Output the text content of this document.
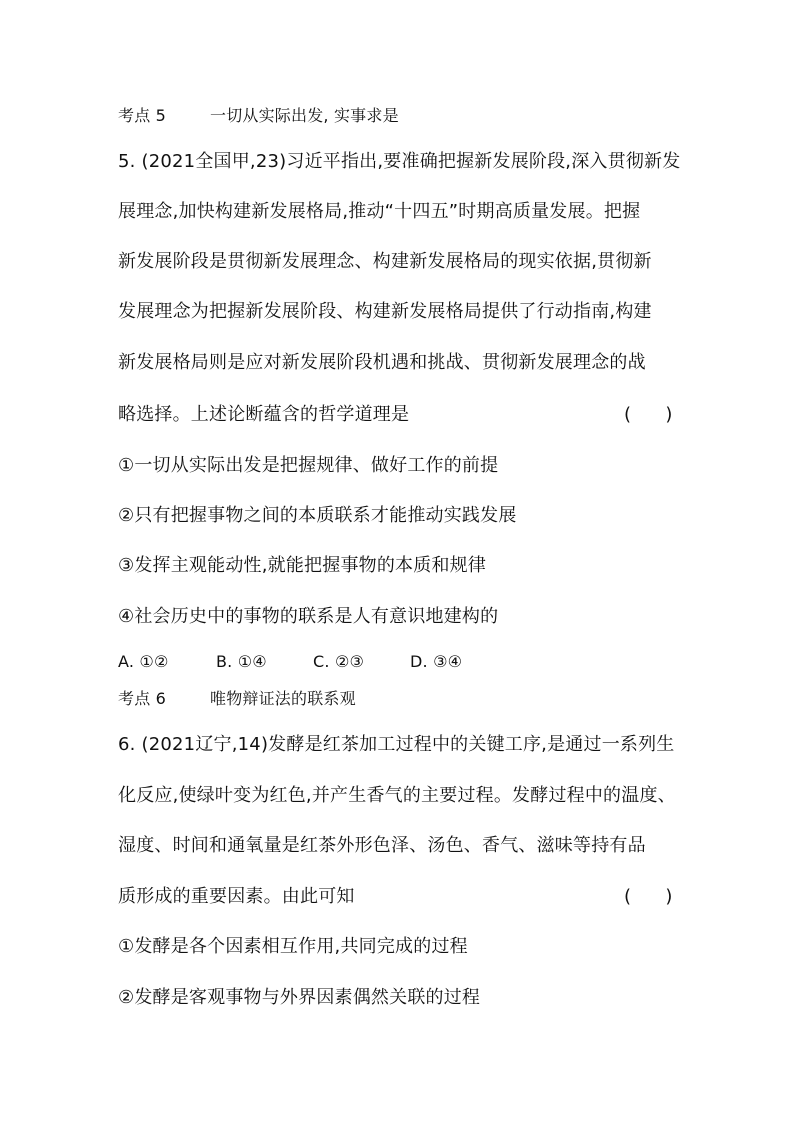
考点 5	一切从实际出发, 实事求是
5. (2021全国甲,23)习近平指出,要准确把握新发展阶段,深入贯彻新发
展理念,加快构建新发展格局,推动“十四五”时期高质量发展。把握
新发展阶段是贯彻新发展理念、构建新发展格局的现实依据,贯彻新
发展理念为把握新发展阶段、构建新发展格局提供了行动指南,构建
新发展格局则是应对新发展阶段机遇和挑战、贯彻新发展理念的战
略选择。上述论断蕴含的哲学道理是	(      )
①一切从实际出发是把握规律、做好工作的前提
②只有把握事物之间的本质联系才能推动实践发展
③发挥主观能动性,就能把握事物的本质和规律
④社会历史中的事物的联系是人有意识地建构的
A. ①②	B. ①④	C. ②③	D. ③④
考点 6	唯物辩证法的联系观
6. (2021辽宁,14)发酵是红茶加工过程中的关键工序,是通过一系列生
化反应,使绿叶变为红色,并产生香气的主要过程。发酵过程中的温度、
湿度、时间和通氧量是红茶外形色泽、汤色、香气、滋味等持有品
质形成的重要因素。由此可知	(      )
①发酵是各个因素相互作用,共同完成的过程
②发酵是客观事物与外界因素偶然关联的过程
